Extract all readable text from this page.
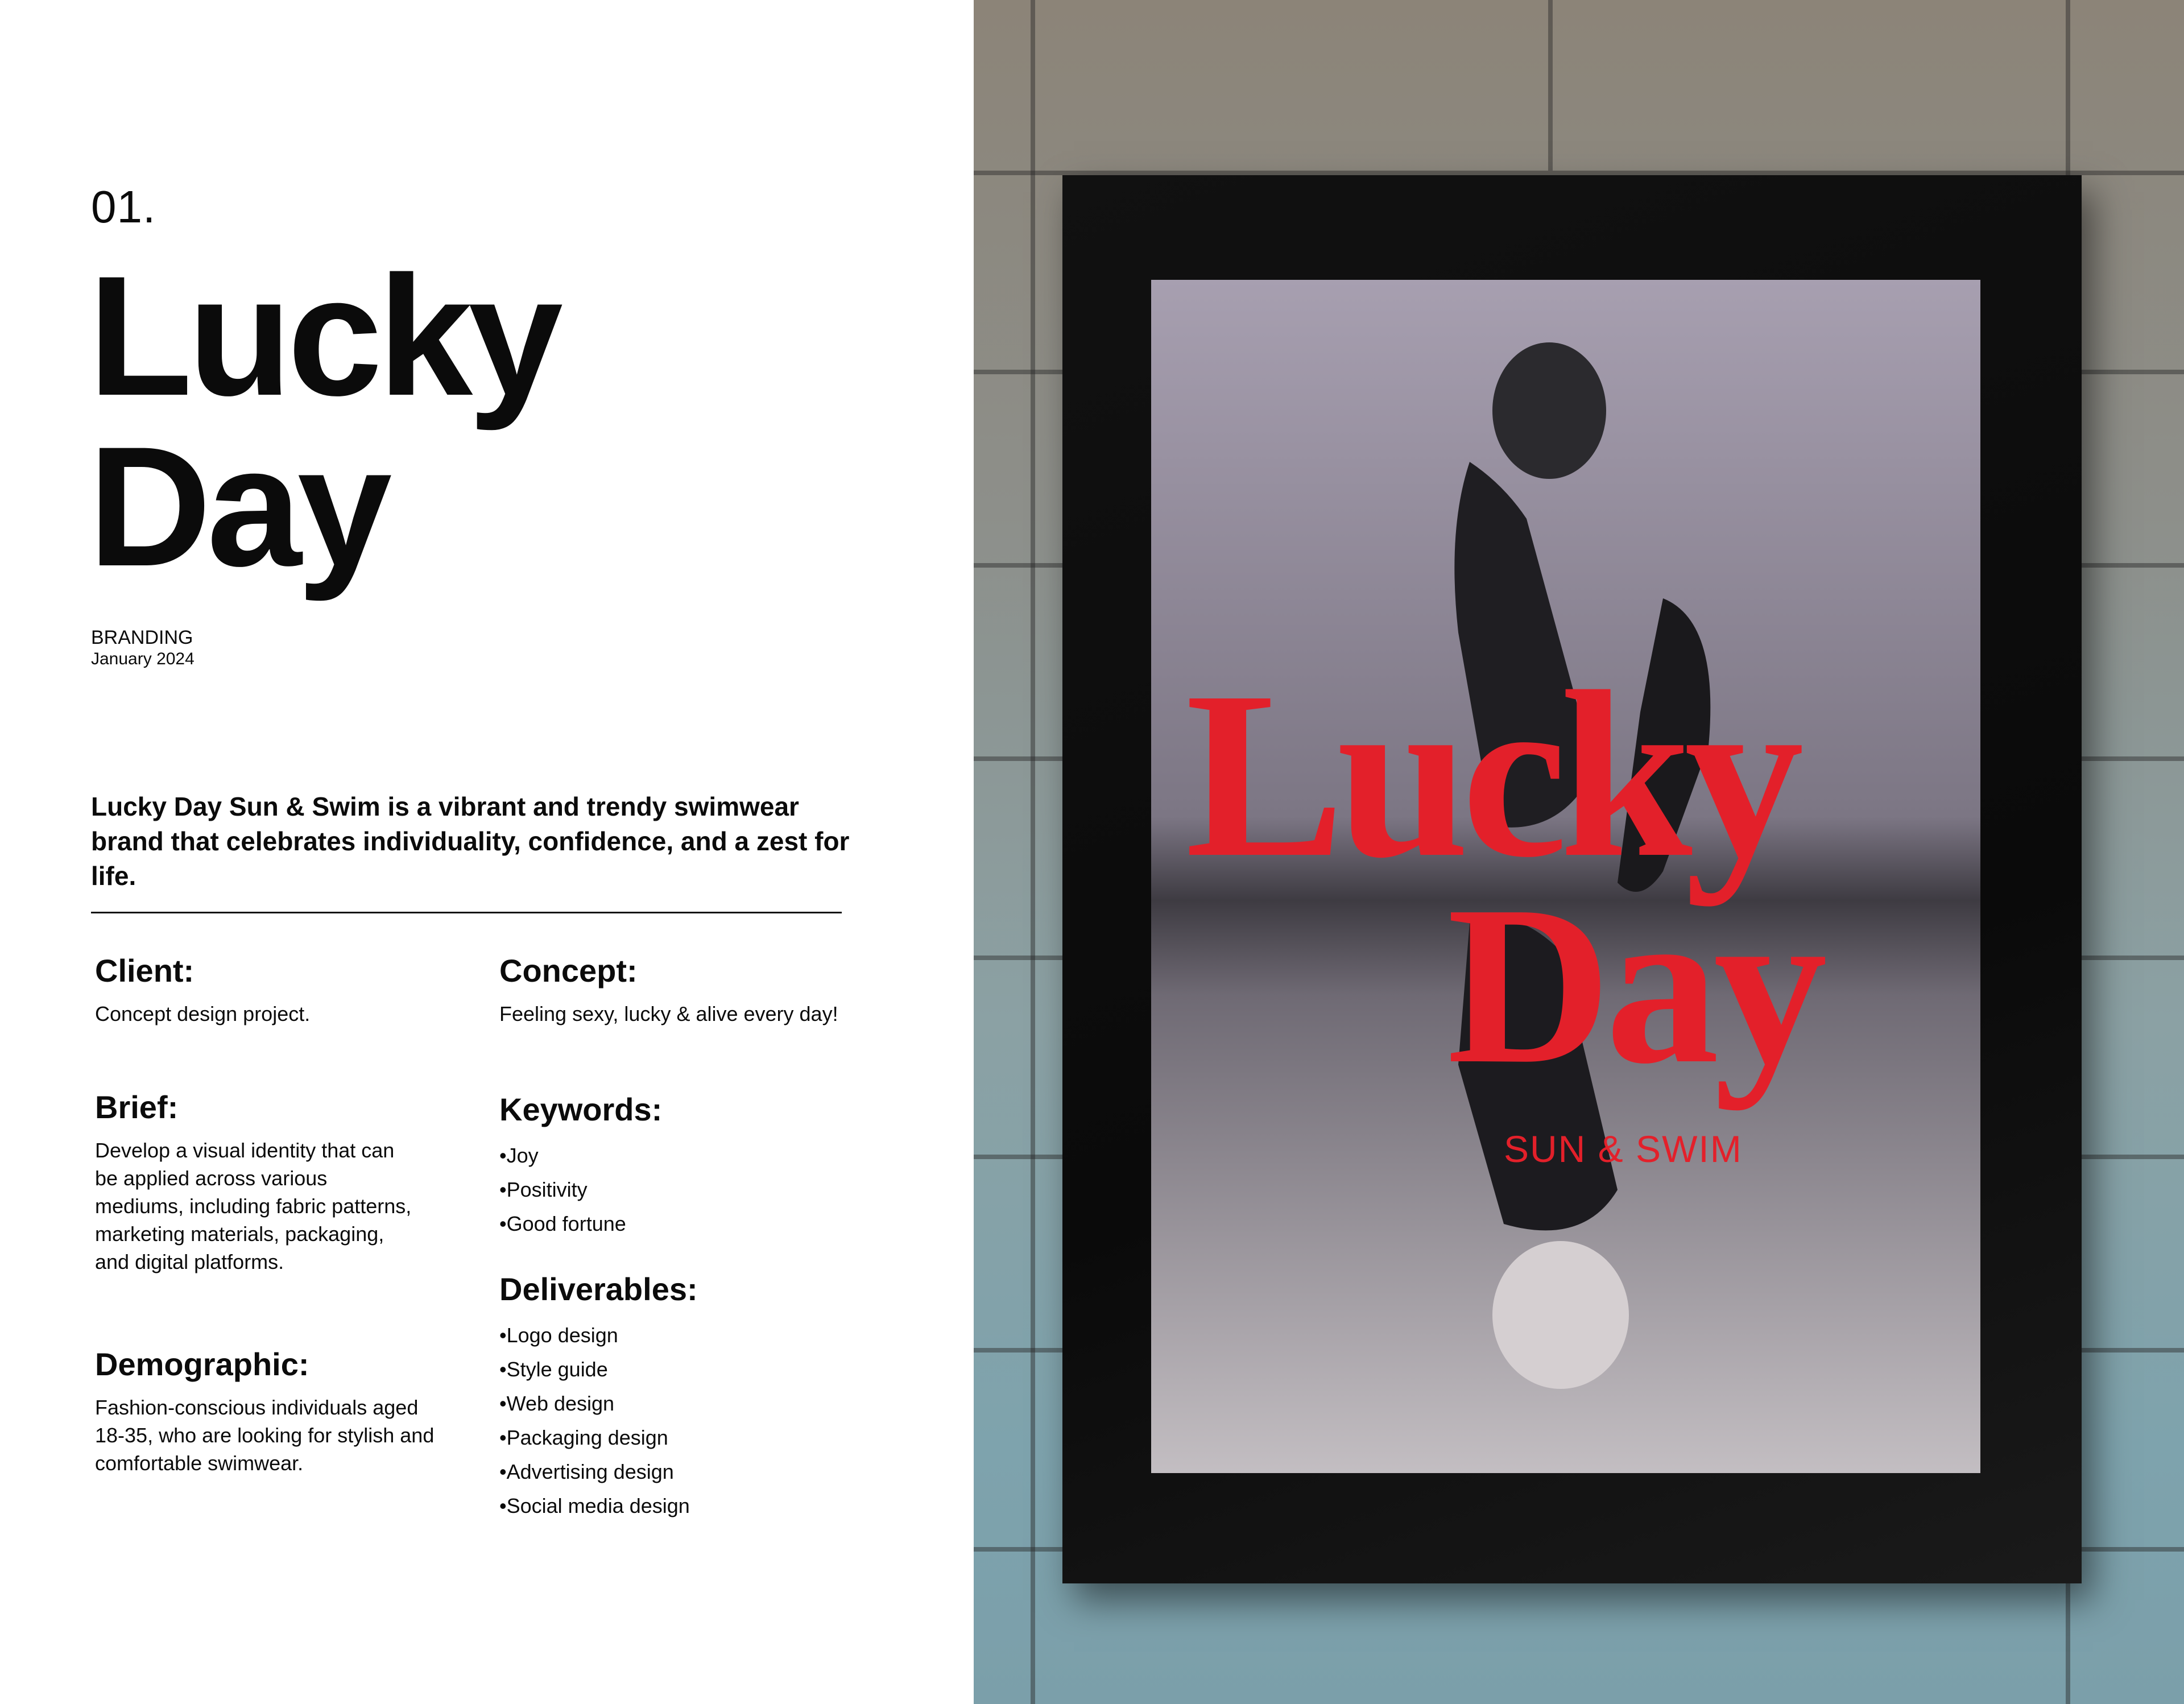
01.
Lucky
Day
BRANDING
January 2024
Lucky Day Sun & Swim is a vibrant and trendy swimwear brand that celebrates individuality, confidence, and a zest for life.
Client:
Concept design project.
Brief:
Develop a visual identity that can be applied across various mediums, including fabric patterns, marketing materials, packaging, and digital platforms.
Demographic:
Fashion-conscious individuals aged 18-35, who are looking for stylish and comfortable swimwear.
Concept:
Feeling sexy, lucky & alive every day!
Keywords:
• Joy
• Positivity
• Good fortune
Deliverables:
• Logo design
• Style guide
• Web design
• Packaging design
• Advertising design
• Social media design
Lucky
Day
SUN & SWIM
